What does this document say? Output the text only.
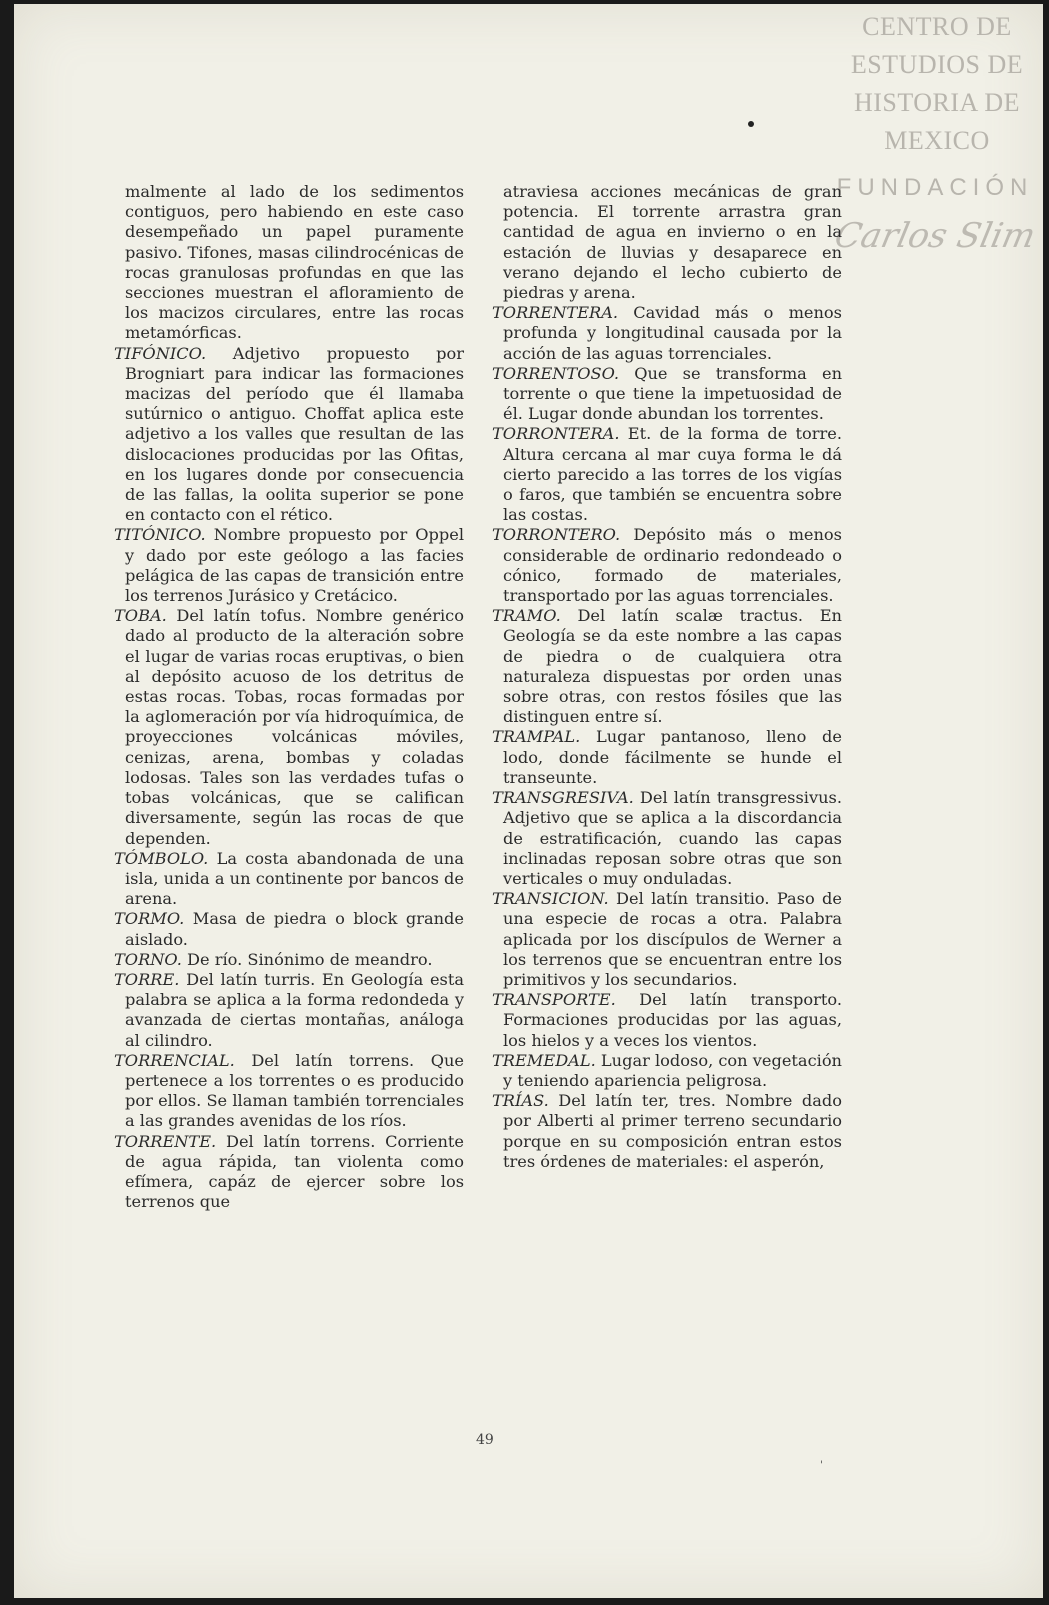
CENTRO DE ESTUDIOS DE HISTORIA DE MEXICO
FUNDACIÓN
Carlos Slim

malmente al lado de los sedimentos contiguos, pero habiendo en este caso desempeñado un papel puramente pasivo. Tifones, masas cilindrocénicas de rocas granulosas profundas en que las secciones muestran el afloramiento de los macizos circulares, entre las rocas metamórficas.

TIFÓNICO. Adjetivo propuesto por Brogniart para indicar las formaciones macizas del período que él llamaba sutúrnico o antiguo. Choffat aplica este adjetivo a los valles que resultan de las dislocaciones producidas por las Ofitas, en los lugares donde por consecuencia de las fallas, la oolita superior se pone en contacto con el rético.

TITÓNICO. Nombre propuesto por Oppel y dado por este geólogo a las facies pelágica de las capas de transición entre los terrenos Jurásico y Cretácico.

TOBA. Del latín tofus. Nombre genérico dado al producto de la alteración sobre el lugar de varias rocas eruptivas, o bien al depósito acuoso de los detritus de estas rocas. Tobas, rocas formadas por la aglomeración por vía hidroquímica, de proyecciones volcánicas móviles, cenizas, arena, bombas y coladas lodosas. Tales son las verdades tufas o tobas volcánicas, que se califican diversamente, según las rocas de que dependen.

TÓMBOLO. La costa abandonada de una isla, unida a un continente por bancos de arena.

TORMO. Masa de piedra o block grande aislado.

TORNO. De río. Sinónimo de meandro.

TORRE. Del latín turris. En Geología esta palabra se aplica a la forma redondeda y avanzada de ciertas montañas, análoga al cilindro.

TORRENCIAL. Del latín torrens. Que pertenece a los torrentes o es producido por ellos. Se llaman también torrenciales a las grandes avenidas de los ríos.

TORRENTE. Del latín torrens. Corriente de agua rápida, tan violenta como efímera, capáz de ejercer sobre los terrenos que

atraviesa acciones mecánicas de gran potencia. El torrente arrastra gran cantidad de agua en invierno o en la estación de lluvias y desaparece en verano dejando el lecho cubierto de piedras y arena.

TORRENTERA. Cavidad más o menos profunda y longitudinal causada por la acción de las aguas torrenciales.

TORRENTOSO. Que se transforma en torrente o que tiene la impetuosidad de él. Lugar donde abundan los torrentes.

TORRONTERA. Et. de la forma de torre. Altura cercana al mar cuya forma le dá cierto parecido a las torres de los vigías o faros, que también se encuentra sobre las costas.

TORRONTERO. Depósito más o menos considerable de ordinario redondeado o cónico, formado de materiales, transportado por las aguas torrenciales.

TRAMO. Del latín scalæ tractus. En Geología se da este nombre a las capas de piedra o de cualquiera otra naturaleza dispuestas por orden unas sobre otras, con restos fósiles que las distinguen entre sí.

TRAMPAL. Lugar pantanoso, lleno de lodo, donde fácilmente se hunde el transeunte.

TRANSGRESIVA. Del latín transgressivus. Adjetivo que se aplica a la discordancia de estratificación, cuando las capas inclinadas reposan sobre otras que son verticales o muy onduladas.

TRANSICION. Del latín transitio. Paso de una especie de rocas a otra. Palabra aplicada por los discípulos de Werner a los terrenos que se encuentran entre los primitivos y los secundarios.

TRANSPORTE. Del latín transporto. Formaciones producidas por las aguas, los hielos y a veces los vientos.

TREMEDAL. Lugar lodoso, con vegetación y teniendo apariencia peligrosa.

TRÍAS. Del latín ter, tres. Nombre dado por Alberti al primer terreno secundario porque en su composición entran estos tres órdenes de materiales: el asperón,

49
'
